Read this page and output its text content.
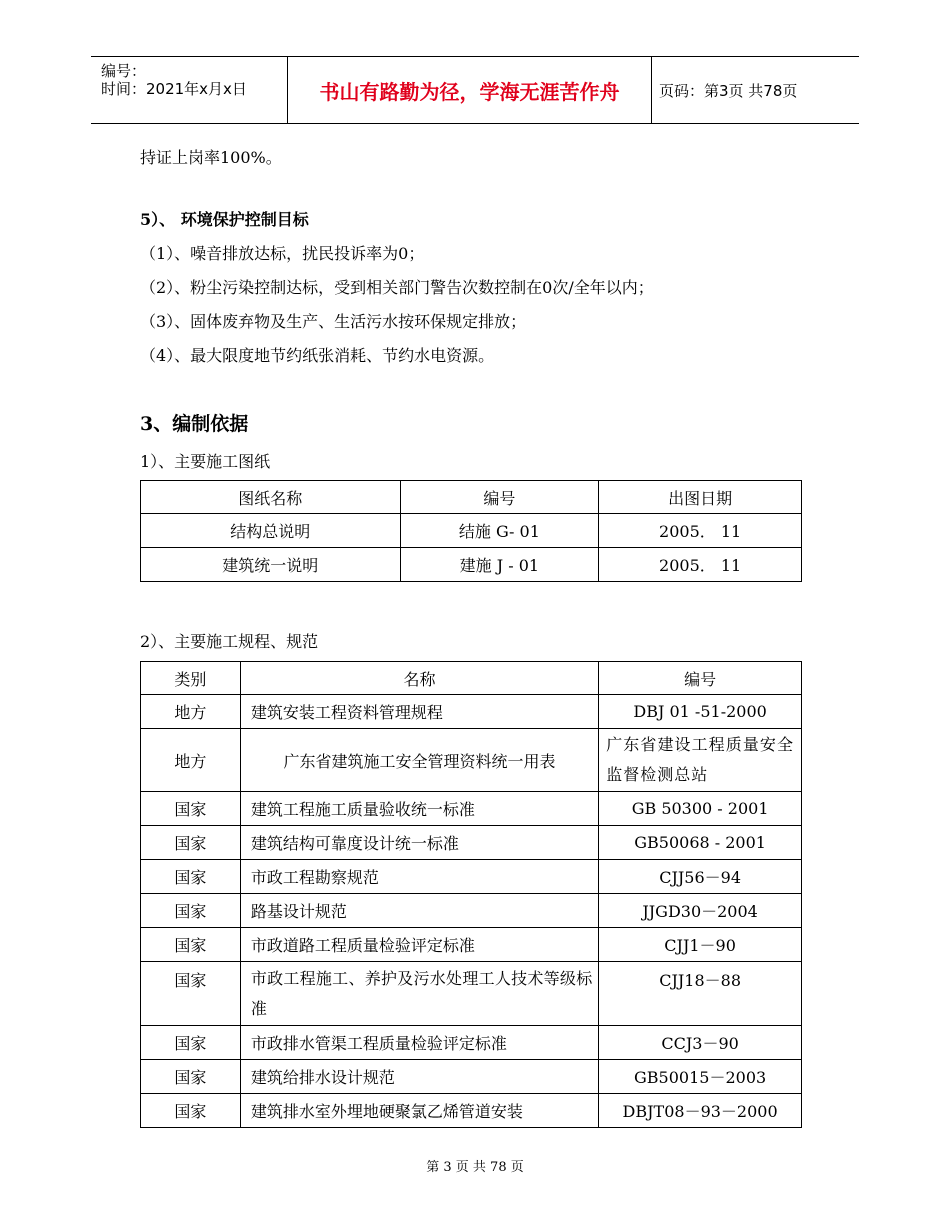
编号：
时间：2021年x月x日	书山有路勤为径，学海无涯苦作舟	页码：第3页 共78页
持证上岗率100%。
5）、 环境保护控制目标
（1）、噪音排放达标，扰民投诉率为0；
（2）、粉尘污染控制达标，受到相关部门警告次数控制在0次/全年以内；
（3）、固体废弃物及生产、生活污水按环保规定排放；
（4）、最大限度地节约纸张消耗、节约水电资源。
3、编制依据
1）、主要施工图纸
图纸名称	编号	出图日期
结构总说明	结施 G- 01	2005． 11
建筑统一说明	建施 J - 01	2005． 11
2）、主要施工规程、规范
类别	名称	编号
地方	建筑安装工程资料管理规程	DBJ 01 -51-2000
地方	广东省建筑施工安全管理资料统一用表	广东省建设工程质量安全监督检测总站
国家	建筑工程施工质量验收统一标准	GB 50300 - 2001
国家	建筑结构可靠度设计统一标准	GB50068 - 2001
国家	市政工程勘察规范	CJJ56－94
国家	路基设计规范	JJGD30－2004
国家	市政道路工程质量检验评定标准	CJJ1－90
国家	市政工程施工、养护及污水处理工人技术等级标准	CJJ18－88
国家	市政排水管渠工程质量检验评定标准	CCJ3－90
国家	建筑给排水设计规范	GB50015－2003
国家	建筑排水室外埋地硬聚氯乙烯管道安装	DBJT08－93－2000
第 3 页 共 78 页
